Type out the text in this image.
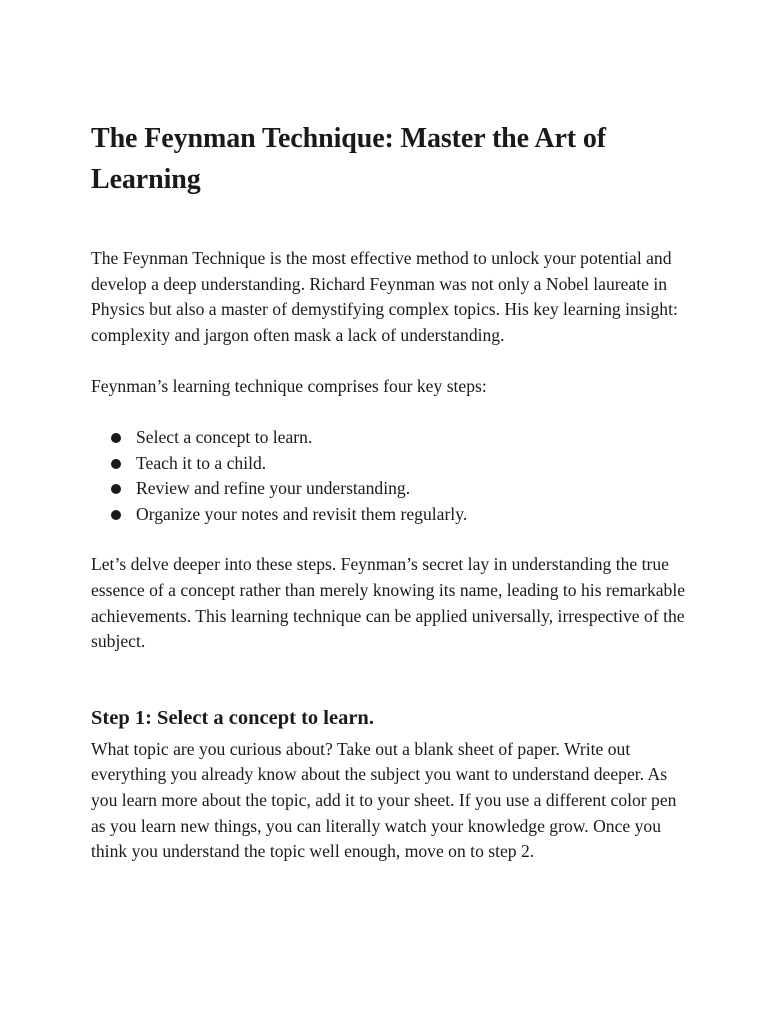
The Feynman Technique: Master the Art of Learning

The Feynman Technique is the most effective method to unlock your potential and develop a deep understanding. Richard Feynman was not only a Nobel laureate in Physics but also a master of demystifying complex topics. His key learning insight: complexity and jargon often mask a lack of understanding.

Feynman’s learning technique comprises four key steps:

Select a concept to learn.
Teach it to a child.
Review and refine your understanding.
Organize your notes and revisit them regularly.

Let’s delve deeper into these steps. Feynman’s secret lay in understanding the true essence of a concept rather than merely knowing its name, leading to his remarkable achievements. This learning technique can be applied universally, irrespective of the subject.

Step 1: Select a concept to learn.

What topic are you curious about? Take out a blank sheet of paper. Write out everything you already know about the subject you want to understand deeper. As you learn more about the topic, add it to your sheet. If you use a different color pen as you learn new things, you can literally watch your knowledge grow. Once you think you understand the topic well enough, move on to step 2.
